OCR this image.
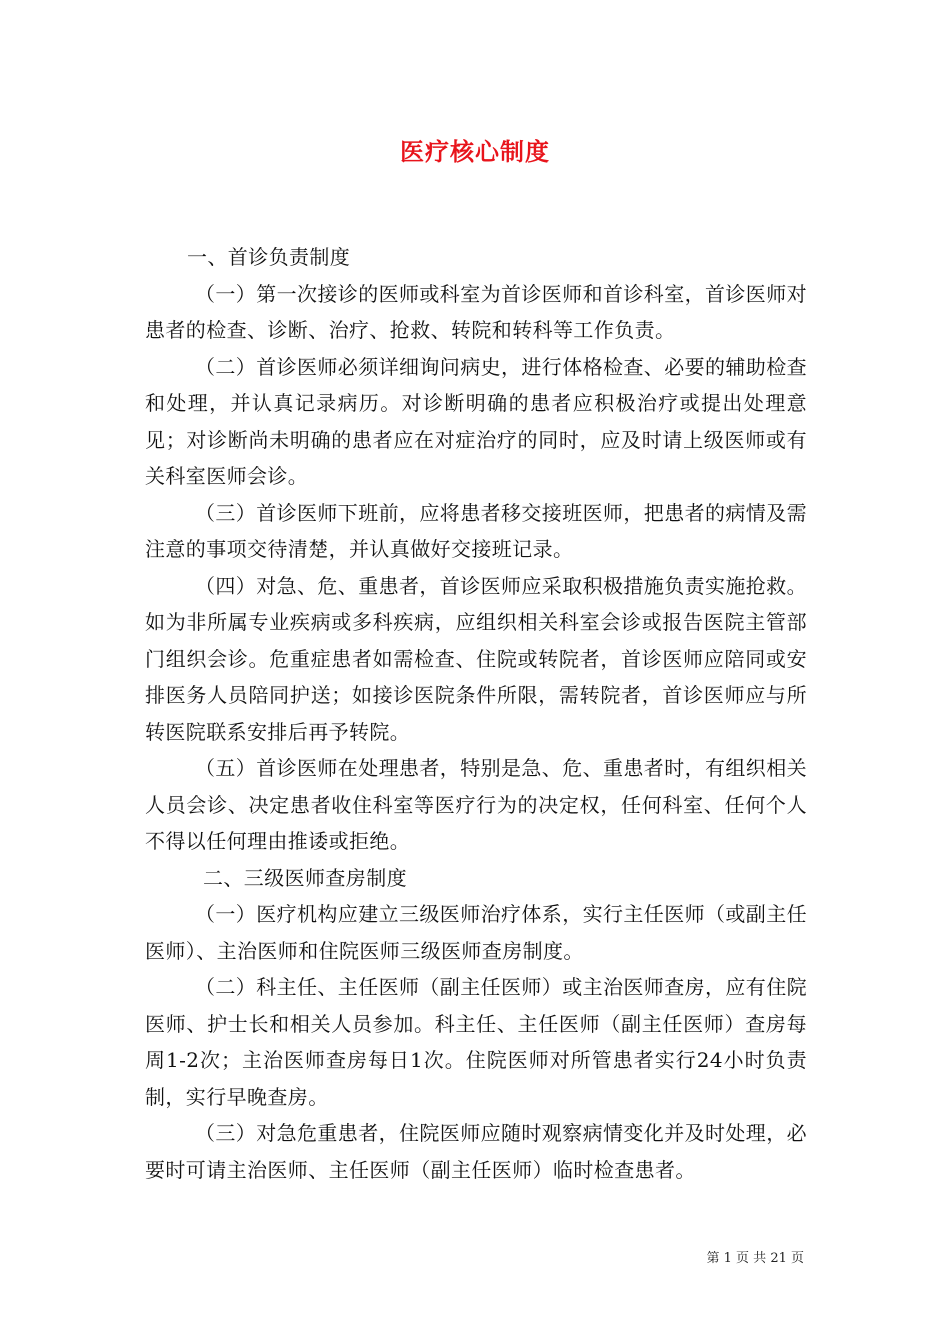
医疗核心制度

一、首诊负责制度

（一）第一次接诊的医师或科室为首诊医师和首诊科室，首诊医师对患者的检查、诊断、治疗、抢救、转院和转科等工作负责。

（二）首诊医师必须详细询问病史，进行体格检查、必要的辅助检查和处理，并认真记录病历。对诊断明确的患者应积极治疗或提出处理意见；对诊断尚未明确的患者应在对症治疗的同时，应及时请上级医师或有关科室医师会诊。

（三）首诊医师下班前，应将患者移交接班医师，把患者的病情及需注意的事项交待清楚，并认真做好交接班记录。

（四）对急、危、重患者，首诊医师应采取积极措施负责实施抢救。如为非所属专业疾病或多科疾病，应组织相关科室会诊或报告医院主管部门组织会诊。危重症患者如需检查、住院或转院者，首诊医师应陪同或安排医务人员陪同护送；如接诊医院条件所限，需转院者，首诊医师应与所转医院联系安排后再予转院。

（五）首诊医师在处理患者，特别是急、危、重患者时，有组织相关人员会诊、决定患者收住科室等医疗行为的决定权，任何科室、任何个人不得以任何理由推诿或拒绝。

二、三级医师查房制度

（一）医疗机构应建立三级医师治疗体系，实行主任医师（或副主任医师）、主治医师和住院医师三级医师查房制度。

（二）科主任、主任医师（副主任医师）或主治医师查房，应有住院医师、护士长和相关人员参加。科主任、主任医师（副主任医师）查房每周1-2次；主治医师查房每日1次。住院医师对所管患者实行24小时负责制，实行早晚查房。

（三）对急危重患者，住院医师应随时观察病情变化并及时处理，必要时可请主治医师、主任医师（副主任医师）临时检查患者。

第 1 页 共 21 页
